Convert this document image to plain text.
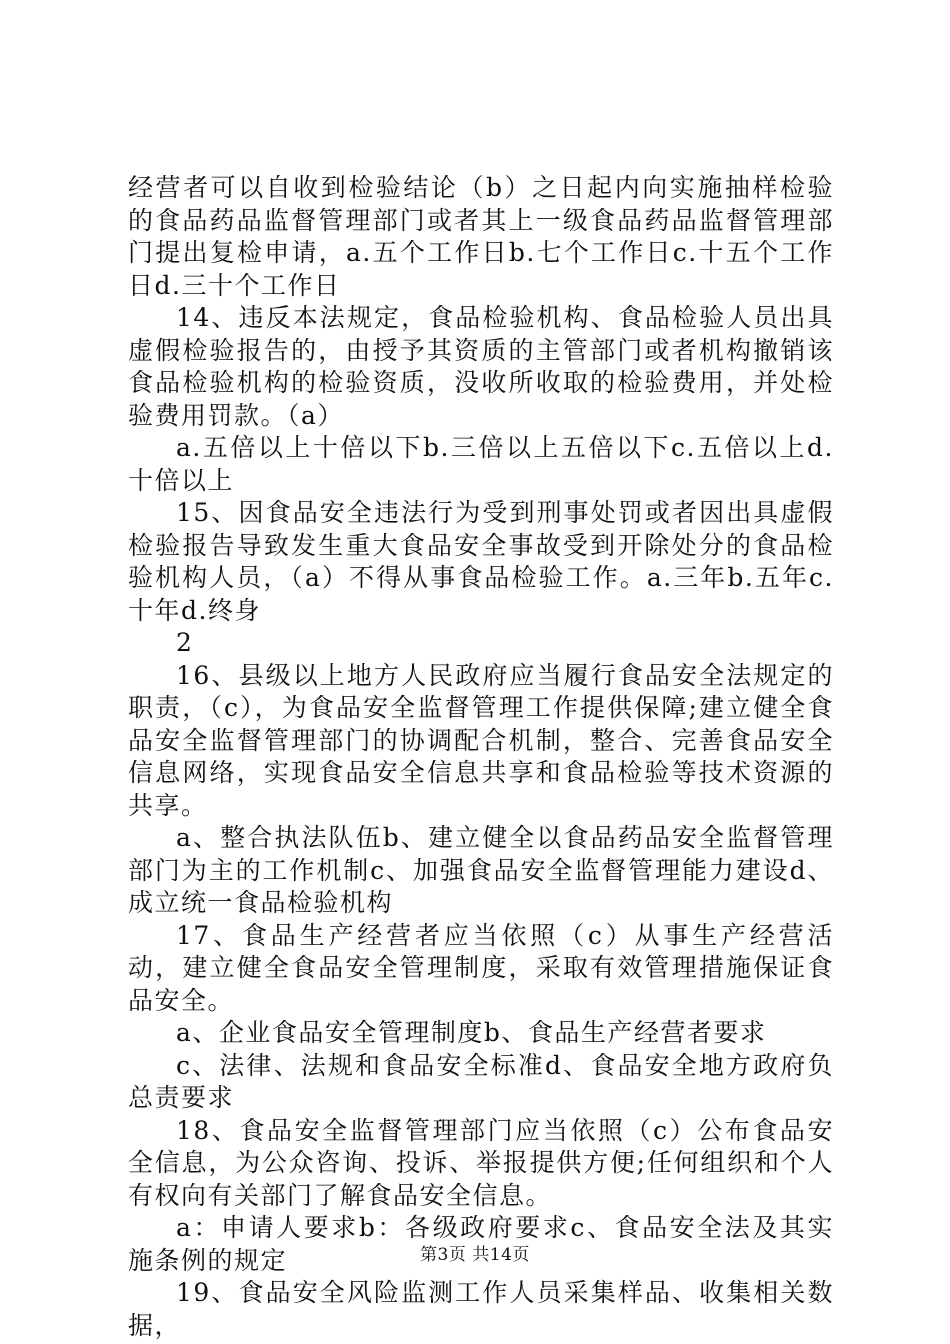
经营者可以自收到检验结论（b）之日起内向实施抽样检验的食品药品监督管理部门或者其上一级食品药品监督管理部门提出复检申请，a.五个工作日b.七个工作日c.十五个工作日d.三十个工作日

14、违反本法规定，食品检验机构、食品检验人员出具虚假检验报告的，由授予其资质的主管部门或者机构撤销该食品检验机构的检验资质，没收所收取的检验费用，并处检验费用罚款。（a）

a.五倍以上十倍以下b.三倍以上五倍以下c.五倍以上d.十倍以上

15、因食品安全违法行为受到刑事处罚或者因出具虚假检验报告导致发生重大食品安全事故受到开除处分的食品检验机构人员，（a）不得从事食品检验工作。a.三年b.五年c.十年d.终身

2

16、县级以上地方人民政府应当履行食品安全法规定的职责，（c），为食品安全监督管理工作提供保障;建立健全食品安全监督管理部门的协调配合机制，整合、完善食品安全信息网络，实现食品安全信息共享和食品检验等技术资源的共享。

a、整合执法队伍b、建立健全以食品药品安全监督管理部门为主的工作机制c、加强食品安全监督管理能力建设d、成立统一食品检验机构

17、食品生产经营者应当依照（c）从事生产经营活动，建立健全食品安全管理制度，采取有效管理措施保证食品安全。

a、企业食品安全管理制度b、食品生产经营者要求

c、法律、法规和食品安全标准d、食品安全地方政府负总责要求

18、食品安全监督管理部门应当依照（c）公布食品安全信息，为公众咨询、投诉、举报提供方便;任何组织和个人有权向有关部门了解食品安全信息。

a：申请人要求b：各级政府要求c、食品安全法及其实施条例的规定

19、食品安全风险监测工作人员采集样品、收集相关数据，

第3页 共14页
